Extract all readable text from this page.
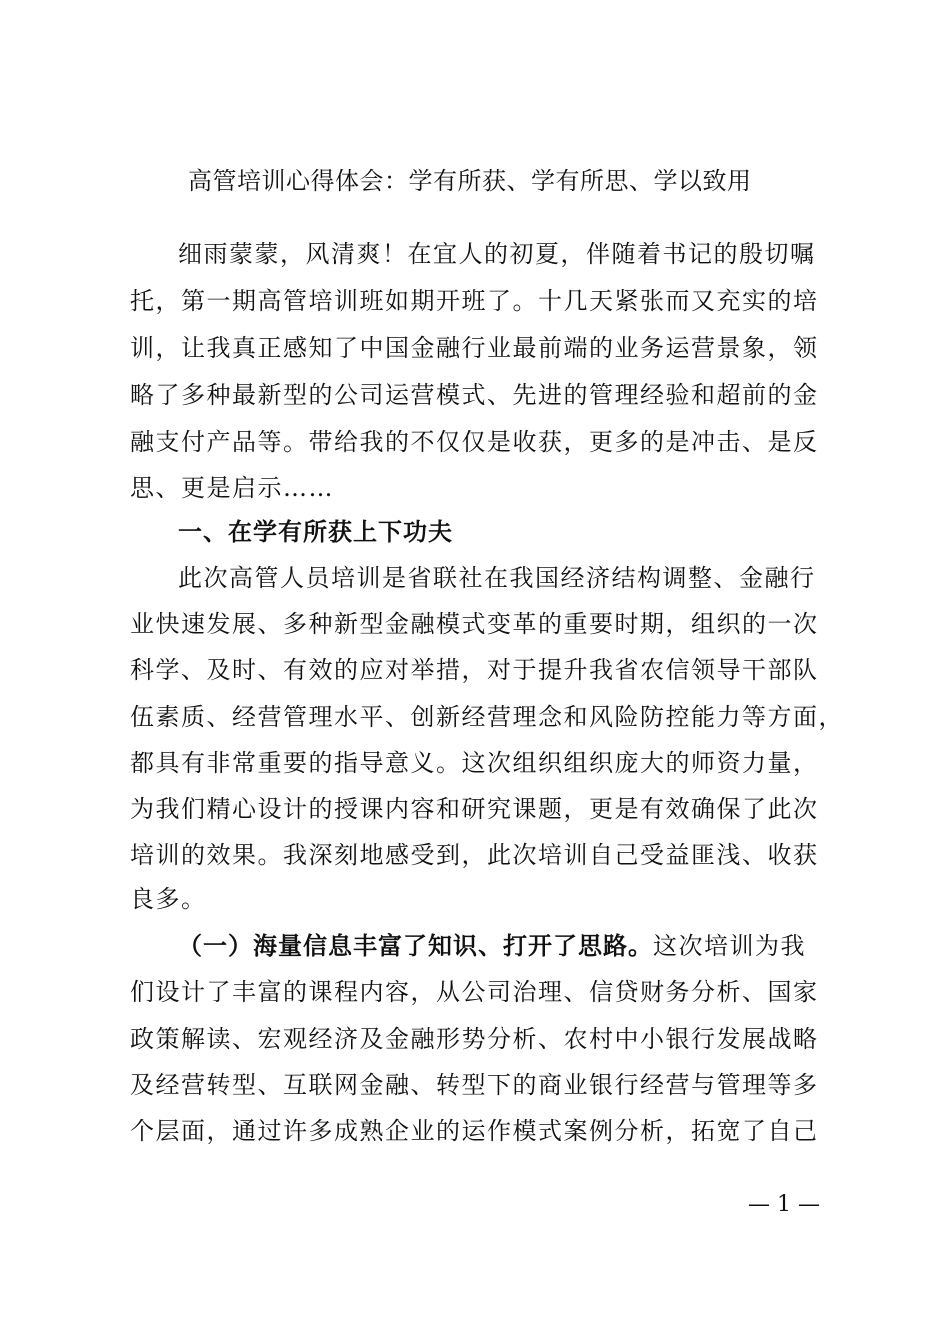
高管培训心得体会：学有所获、学有所思、学以致用
细雨蒙蒙，风清爽！在宜人的初夏，伴随着书记的殷切嘱
托，第一期高管培训班如期开班了。十几天紧张而又充实的培
训，让我真正感知了中国金融行业最前端的业务运营景象，领
略了多种最新型的公司运营模式、先进的管理经验和超前的金
融支付产品等。带给我的不仅仅是收获，更多的是冲击、是反
思、更是启示……
一、在学有所获上下功夫
此次高管人员培训是省联社在我国经济结构调整、金融行
业快速发展、多种新型金融模式变革的重要时期，组织的一次
科学、及时、有效的应对举措，对于提升我省农信领导干部队
伍素质、经营管理水平、创新经营理念和风险防控能力等方面，
都具有非常重要的指导意义。这次组织组织庞大的师资力量，
为我们精心设计的授课内容和研究课题，更是有效确保了此次
培训的效果。我深刻地感受到，此次培训自己受益匪浅、收获
良多。
（一）海量信息丰富了知识、打开了思路。这次培训为我
们设计了丰富的课程内容，从公司治理、信贷财务分析、国家
政策解读、宏观经济及金融形势分析、农村中小银行发展战略
及经营转型、互联网金融、转型下的商业银行经营与管理等多
个层面，通过许多成熟企业的运作模式案例分析，拓宽了自己
— 1 —
